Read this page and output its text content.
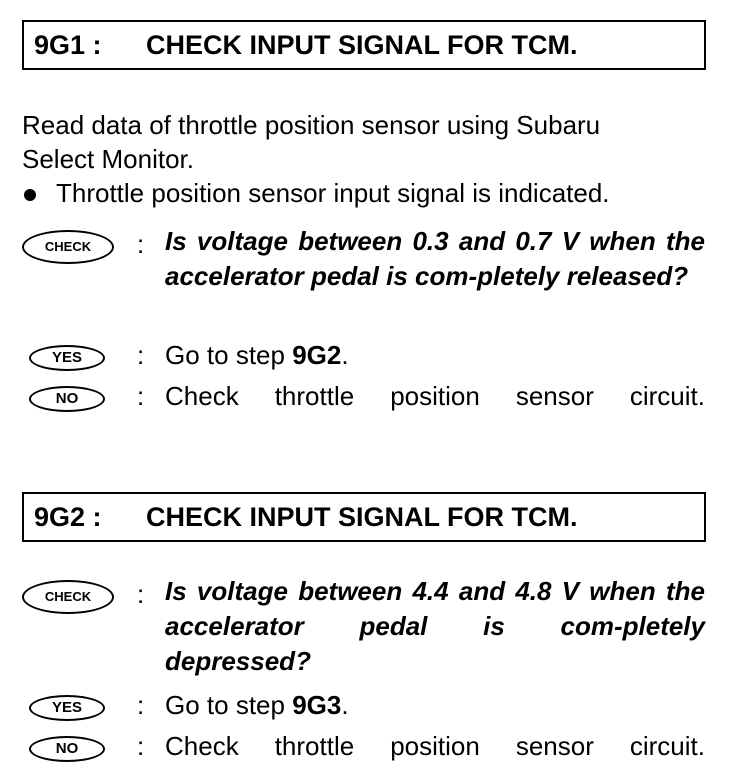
9G1 : CHECK INPUT SIGNAL FOR TCM.
Read data of throttle position sensor using Subaru
Select Monitor.
Throttle position sensor input signal is indicated.
CHECK	: Is voltage between 0.3 and 0.7 V when the accelerator pedal is com-pletely released?
YES	: Go to step 9G2.
NO	: Check throttle position sensor circuit.
9G2 : CHECK INPUT SIGNAL FOR TCM.
CHECK	: Is voltage between 4.4 and 4.8 V when the accelerator pedal is com-pletely depressed?
YES	: Go to step 9G3.
NO	: Check throttle position sensor circuit.
